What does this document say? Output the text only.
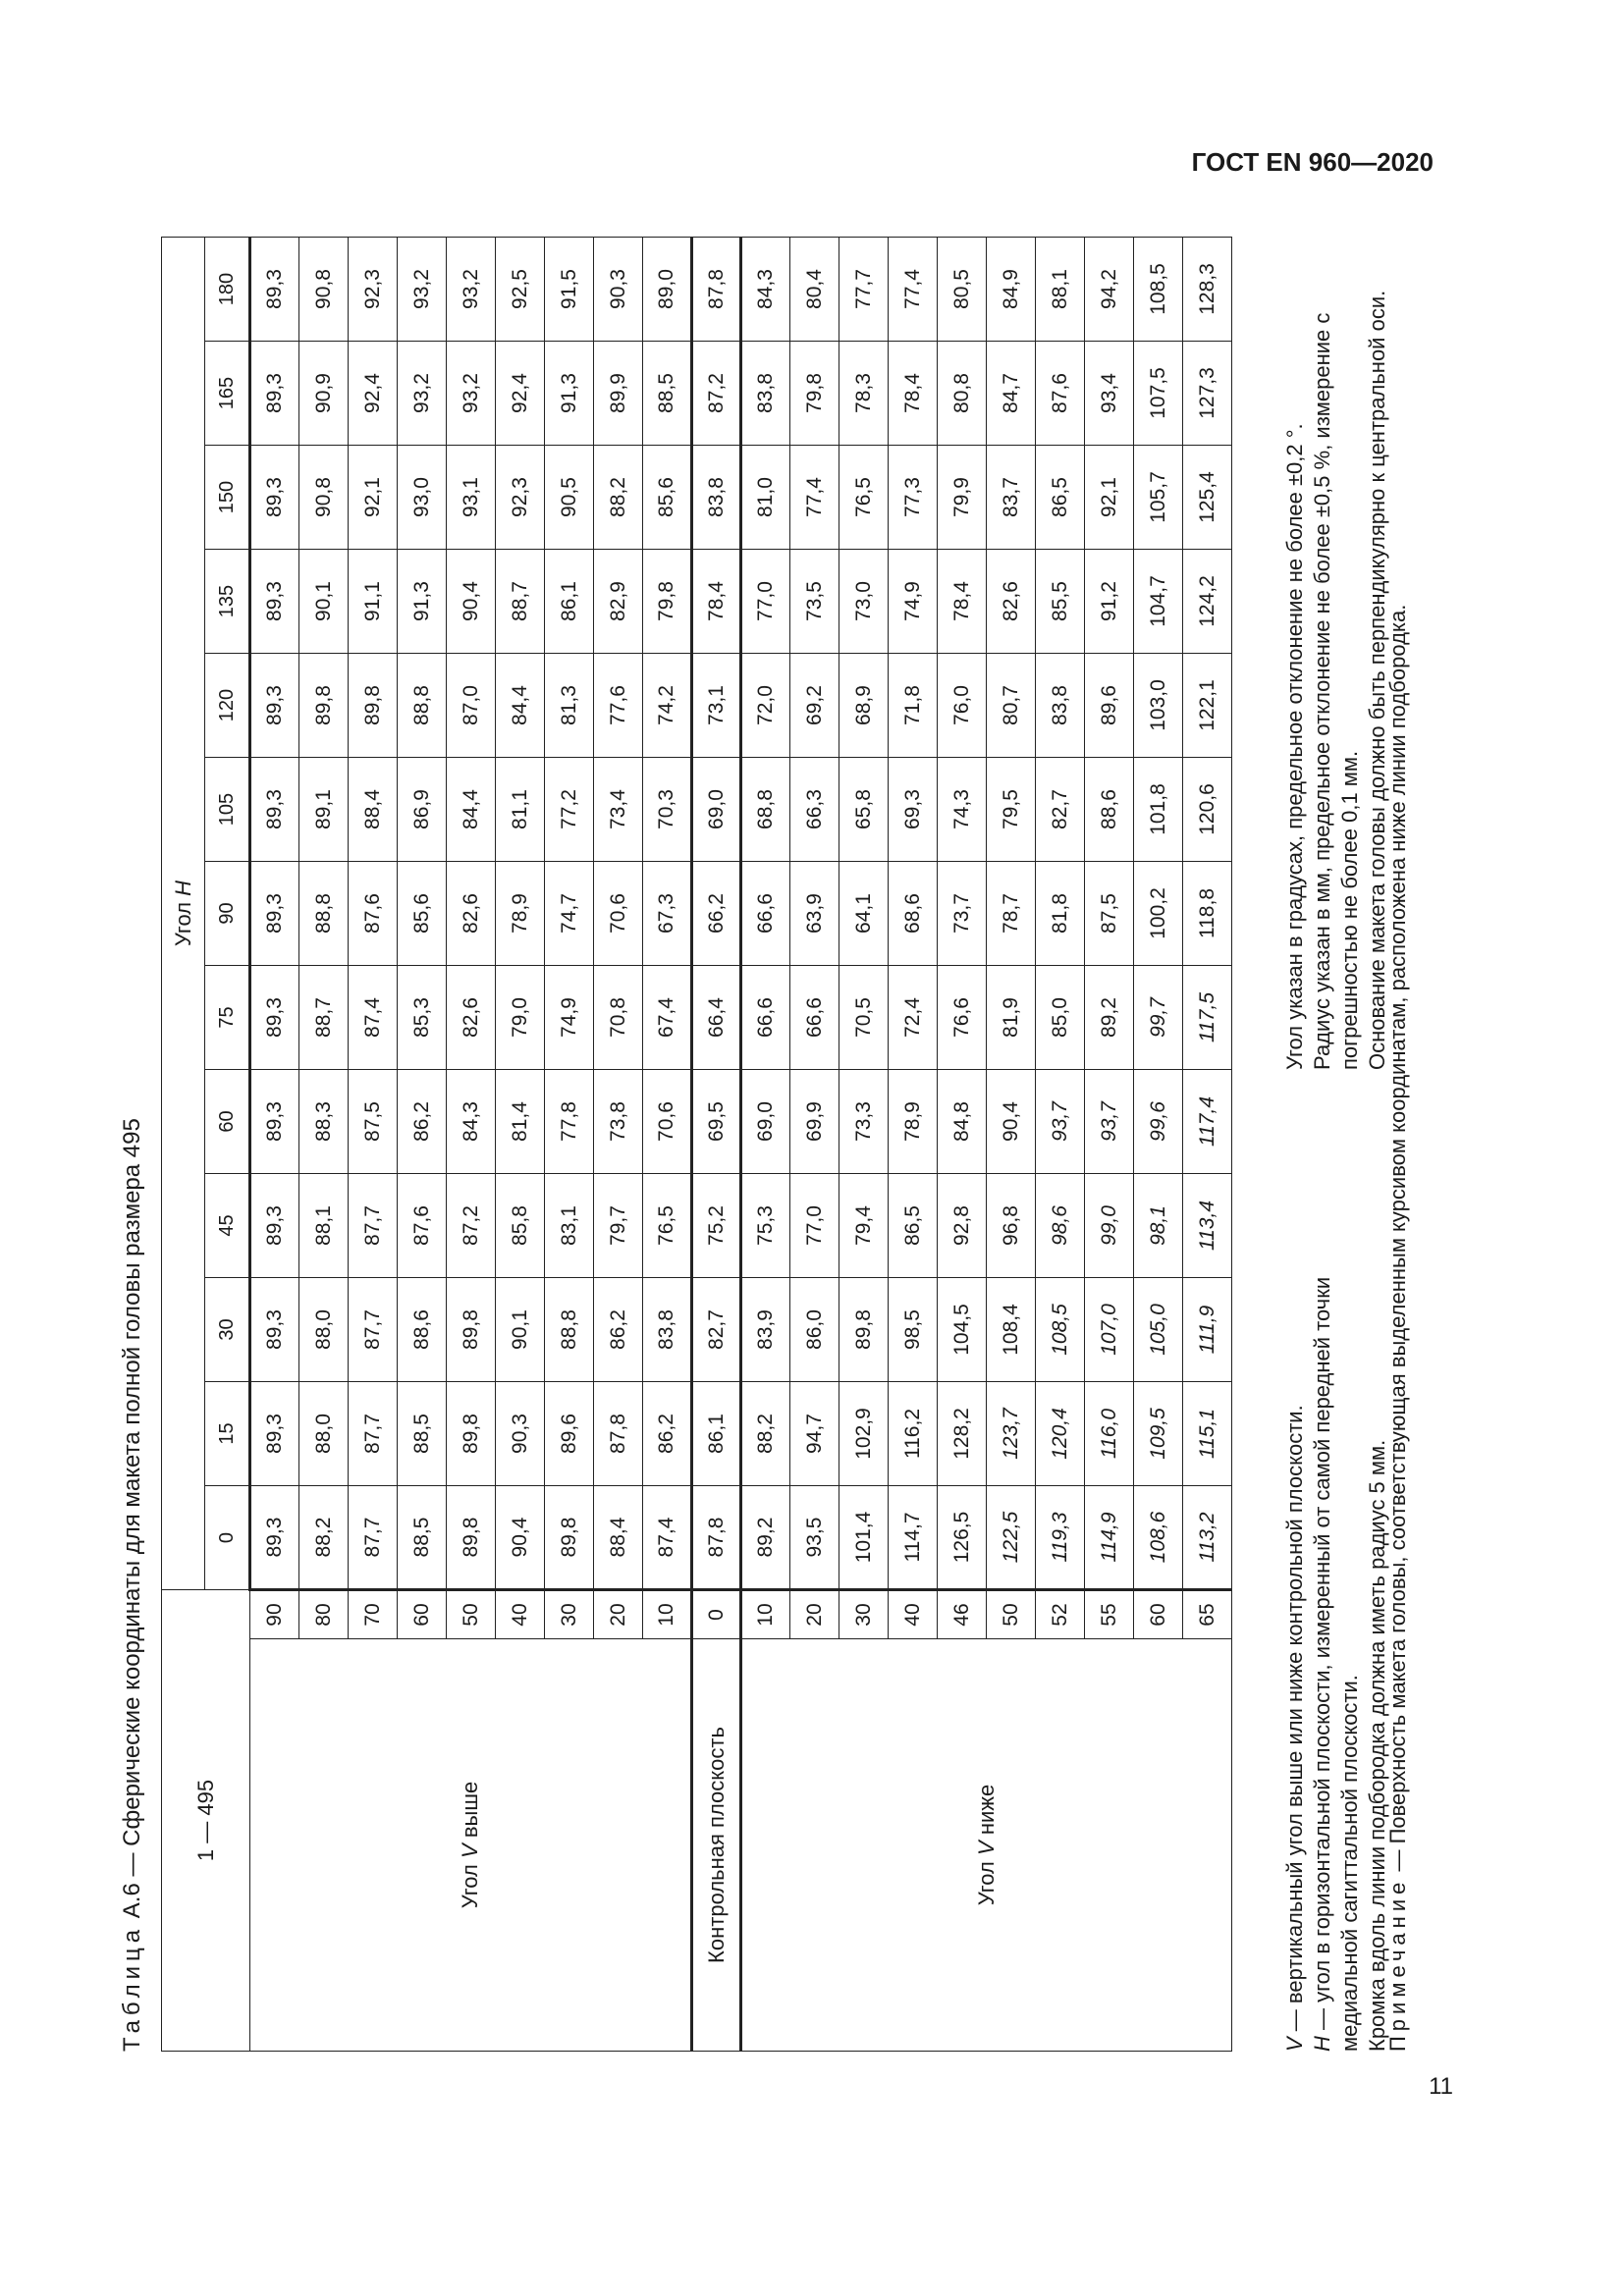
ГОСТ EN 960—2020
11
Таблица А.6 — Сферические координаты для макета полной головы размера 495	1 — 495		Угол H												
		0	15	30	45	60	75	90	105	120	135	150	165	180
Угол V выше	90	89,3	89,3	89,3	89,3	89,3	89,3	89,3	89,3	89,3	89,3	89,3	89,3	89,3
	80	88,2	88,0	88,0	88,1	88,3	88,7	88,8	89,1	89,8	90,1	90,8	90,9	90,8
	70	87,7	87,7	87,7	87,7	87,5	87,4	87,6	88,4	89,8	91,1	92,1	92,4	92,3
	60	88,5	88,5	88,6	87,6	86,2	85,3	85,6	86,9	88,8	91,3	93,0	93,2	93,2
	50	89,8	89,8	89,8	87,2	84,3	82,6	82,6	84,4	87,0	90,4	93,1	93,2	93,2
	40	90,4	90,3	90,1	85,8	81,4	79,0	78,9	81,1	84,4	88,7	92,3	92,4	92,5
	30	89,8	89,6	88,8	83,1	77,8	74,9	74,7	77,2	81,3	86,1	90,5	91,3	91,5
	20	88,4	87,8	86,2	79,7	73,8	70,8	70,6	73,4	77,6	82,9	88,2	89,9	90,3
	10	87,4	86,2	83,8	76,5	70,6	67,4	67,3	70,3	74,2	79,8	85,6	88,5	89,0
Контрольная плоскость	0	87,8	86,1	82,7	75,2	69,5	66,4	66,2	69,0	73,1	78,4	83,8	87,2	87,8
Угол V ниже	10	89,2	88,2	83,9	75,3	69,0	66,6	66,6	68,8	72,0	77,0	81,0	83,8	84,3
	20	93,5	94,7	86,0	77,0	69,9	66,6	63,9	66,3	69,2	73,5	77,4	79,8	80,4
	30	101,4	102,9	89,8	79,4	73,3	70,5	64,1	65,8	68,9	73,0	76,5	78,3	77,7
	40	114,7	116,2	98,5	86,5	78,9	72,4	68,6	69,3	71,8	74,9	77,3	78,4	77,4
	46	126,5	128,2	104,5	92,8	84,8	76,6	73,7	74,3	76,0	78,4	79,9	80,8	80,5
	50	122,5	123,7	108,4	96,8	90,4	81,9	78,7	79,5	80,7	82,6	83,7	84,7	84,9
	52	119,3	120,4	108,5	98,6	93,7	85,0	81,8	82,7	83,8	85,5	86,5	87,6	88,1
	55	114,9	116,0	107,0	99,0	93,7	89,2	87,5	88,6	89,6	91,2	92,1	93,4	94,2
	60	108,6	109,5	105,0	98,1	99,6	99,7	100,2	101,8	103,0	104,7	105,7	107,5	108,5
	65	113,2	115,1	111,9	113,4	117,4	117,5	118,8	120,6	122,1	124,2	125,4	127,3	128,3
V — вертикальный угол выше или ниже контрольной плоскости.
H — угол в горизонтальной плоскости, измеренный от самой передней точки медиальной сагиттальной плоскости. Кромка вдоль линии подбородка должна иметь радиус 5 мм.
Угол указан в градусах, предельное отклонение не более ±0,2 °. Радиус указан в мм, предельное отклонение не более ±0,5 %, измерение с погрешностью не более 0,1 мм. Основание макета головы должно быть перпендикулярно к центральной оси.
Примечание — Поверхность макета головы, соответствующая выделенным курсивом координатам, расположена ниже линии подбородка.
